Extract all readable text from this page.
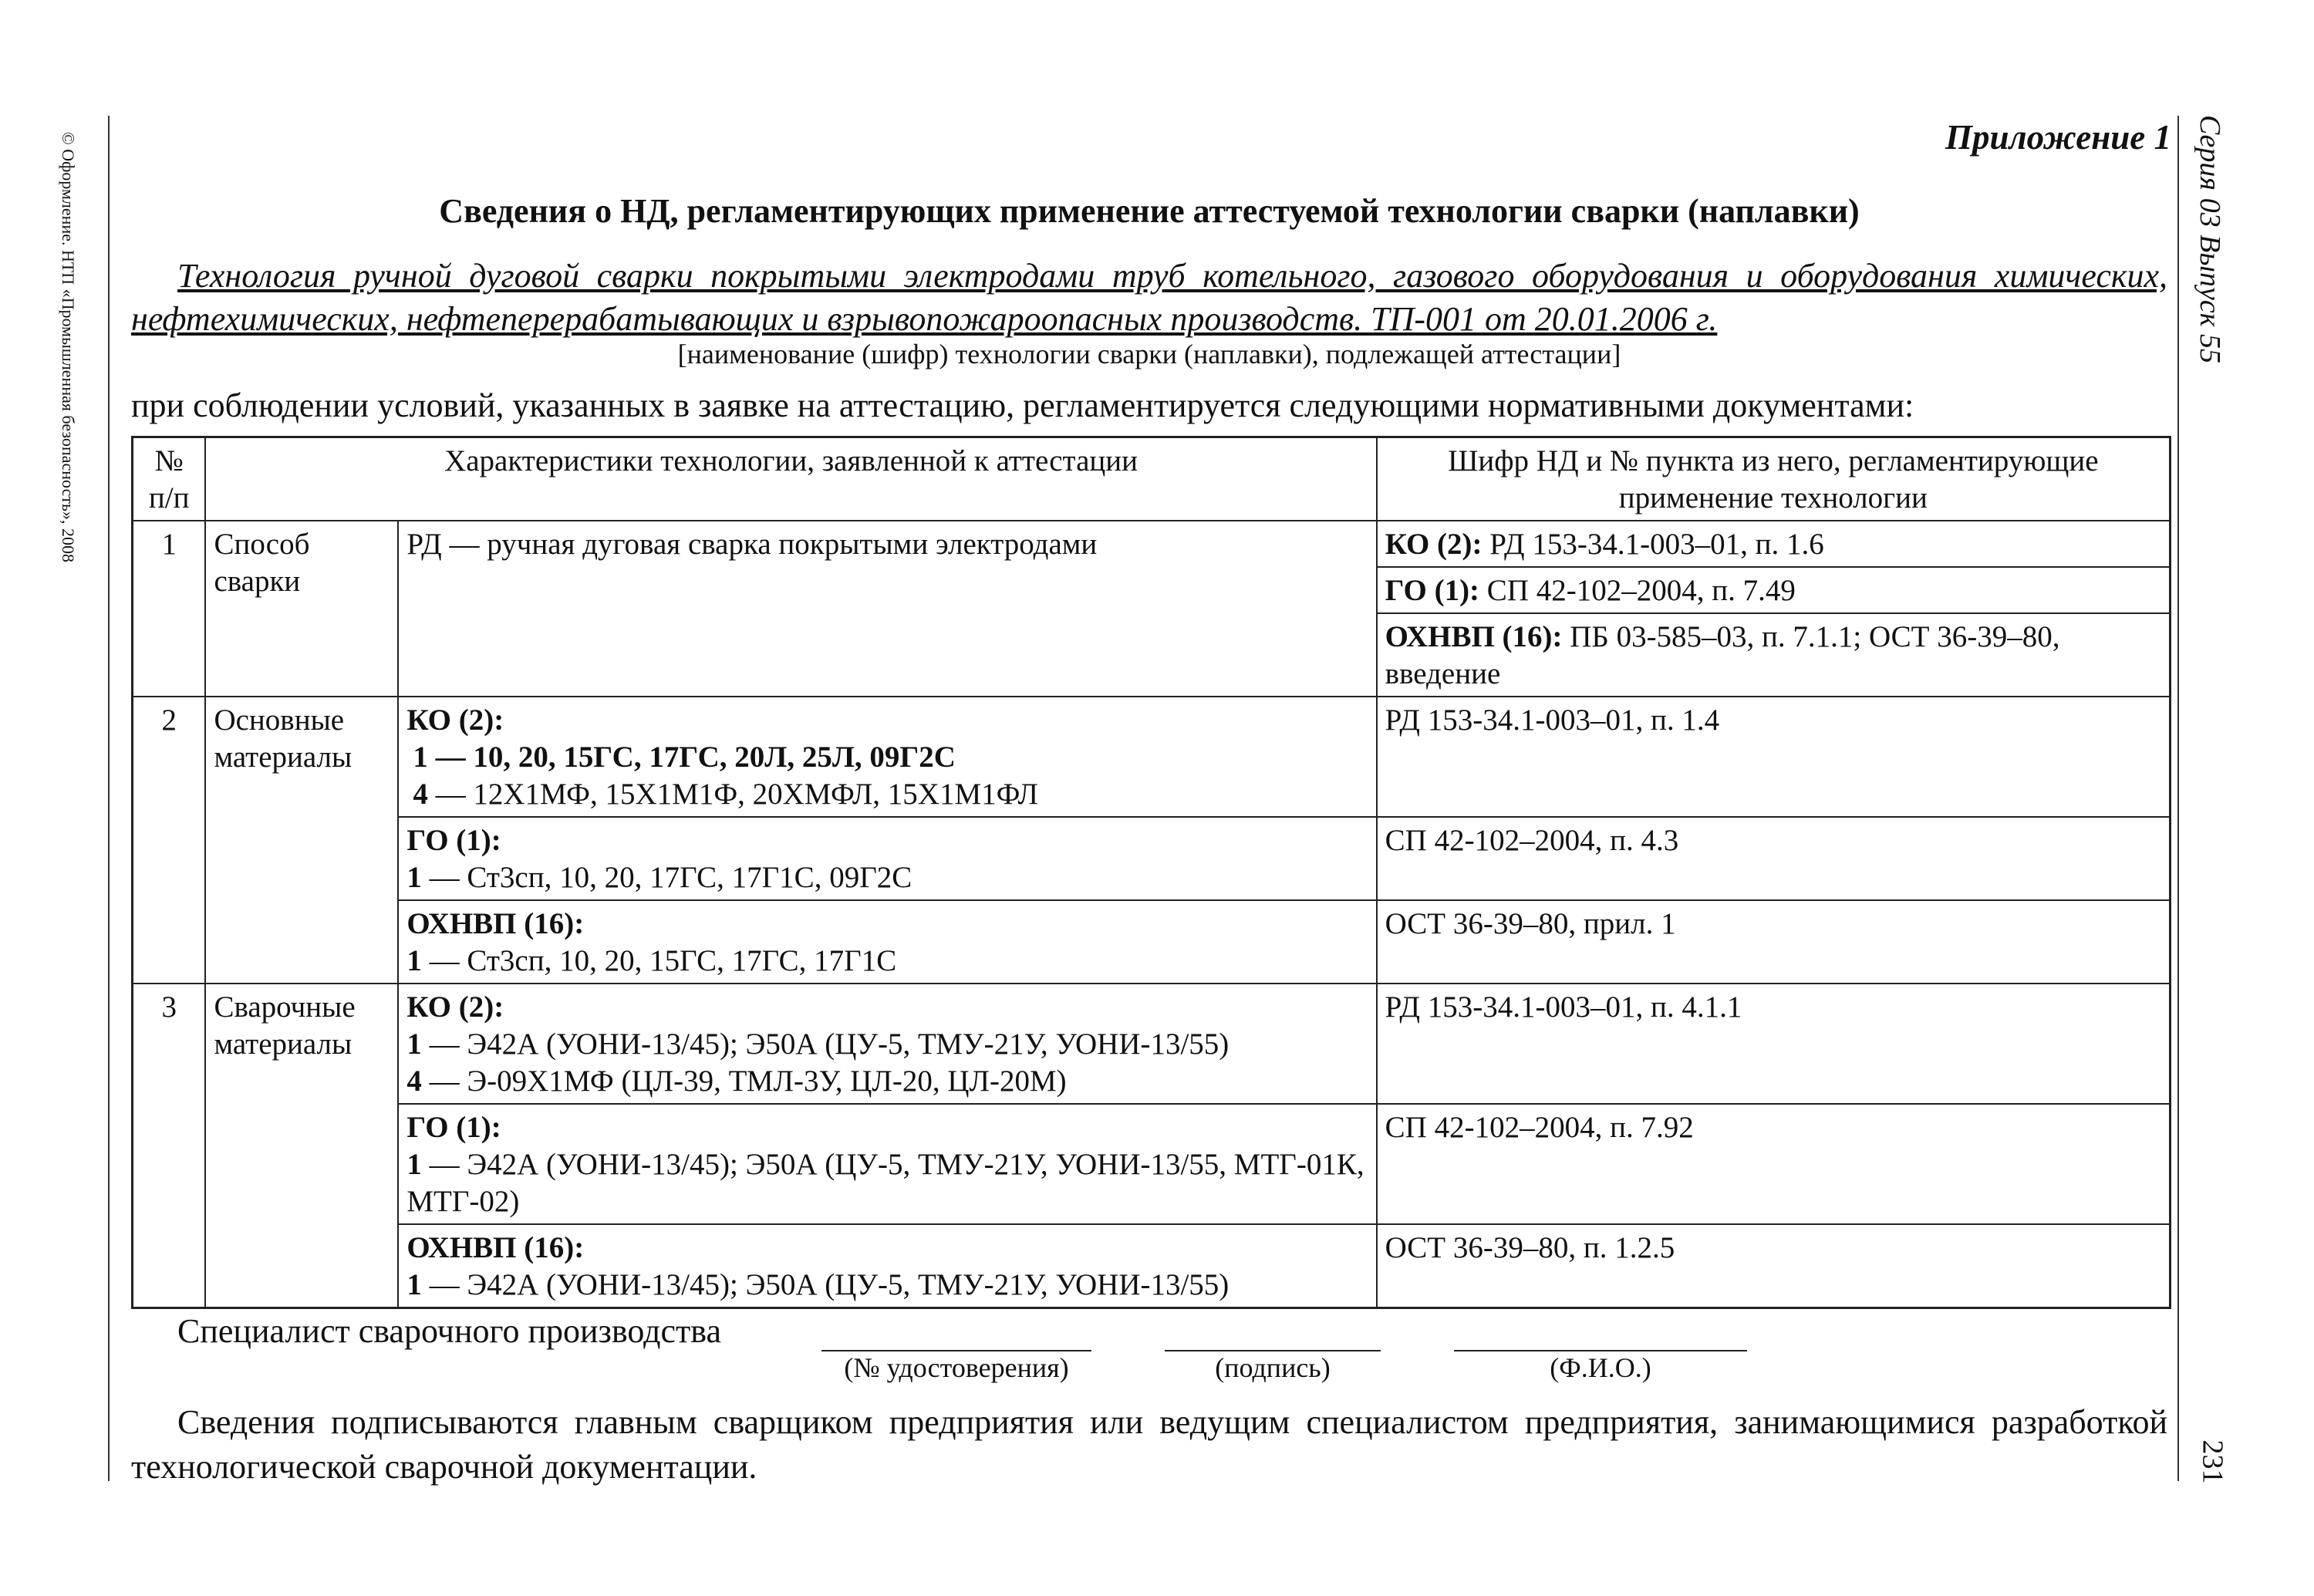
© Оформление. НТП «Промышленная безопасность», 2008	Серия 03 Выпуск 55
231
Приложение 1
Сведения о НД, регламентирующих применение аттестуемой технологии сварки (наплавки)
Технология ручной дуговой сварки покрытыми электродами труб котельного, газового оборудования и оборудования химических, нефтехимических, нефтеперерабатывающих и взрывопожароопасных производств. ТП-001 от 20.01.2006 г.
[наименование (шифр) технологии сварки (наплавки), подлежащей аттестации]
при соблюдении условий, указанных в заявке на аттестацию, регламентируется следующими нормативными документами:
№ п/п	Характеристики технологии, заявленной к аттестации		Шифр НД и № пункта из него, регламентирующие применение технологии
1	Способ сварки	РД — ручная дуговая сварка покрытыми электродами	КО (2): РД 153-34.1-003–01, п. 1.6
			ГО (1): СП 42-102–2004, п. 7.49
			ОХНВП (16): ПБ 03-585–03, п. 7.1.1; ОСТ 36-39–80, введение
2	Основные материалы	КО (2):
1 — 10, 20, 15ГС, 17ГС, 20Л, 25Л, 09Г2С
4 — 12Х1МФ, 15Х1М1Ф, 20ХМФЛ, 15Х1М1ФЛ	РД 153-34.1-003–01, п. 1.4

		ГО (1):
1 — Ст3сп, 10, 20, 17ГС, 17Г1С, 09Г2С	СП 42-102–2004, п. 4.3

		ОХНВП (16):
1 — Ст3сп, 10, 20, 15ГС, 17ГС, 17Г1С	ОСТ 36-39–80, прил. 1
3	Сварочные материалы	КО (2):
1 — Э42А (УОНИ-13/45); Э50А (ЦУ-5, ТМУ-21У, УОНИ-13/55)
4 — Э-09Х1МФ (ЦЛ-39, ТМЛ-3У, ЦЛ-20, ЦЛ-20М)	РД 153-34.1-003–01, п. 4.1.1

		ГО (1):
1 — Э42А (УОНИ-13/45); Э50А (ЦУ-5, ТМУ-21У, УОНИ-13/55, МТГ-01К, МТГ-02)	СП 42-102–2004, п. 7.92

		ОХНВП (16):
1 — Э42А (УОНИ-13/45); Э50А (ЦУ-5, ТМУ-21У, УОНИ-13/55)	ОСТ 36-39–80, п. 1.2.5
Специалист сварочного производства
(№ удостоверения)	(подпись)	(Ф.И.О.)
Сведения подписываются главным сварщиком предприятия или ведущим специалистом предприятия, занимающимися разработкой технологической сварочной документации.
